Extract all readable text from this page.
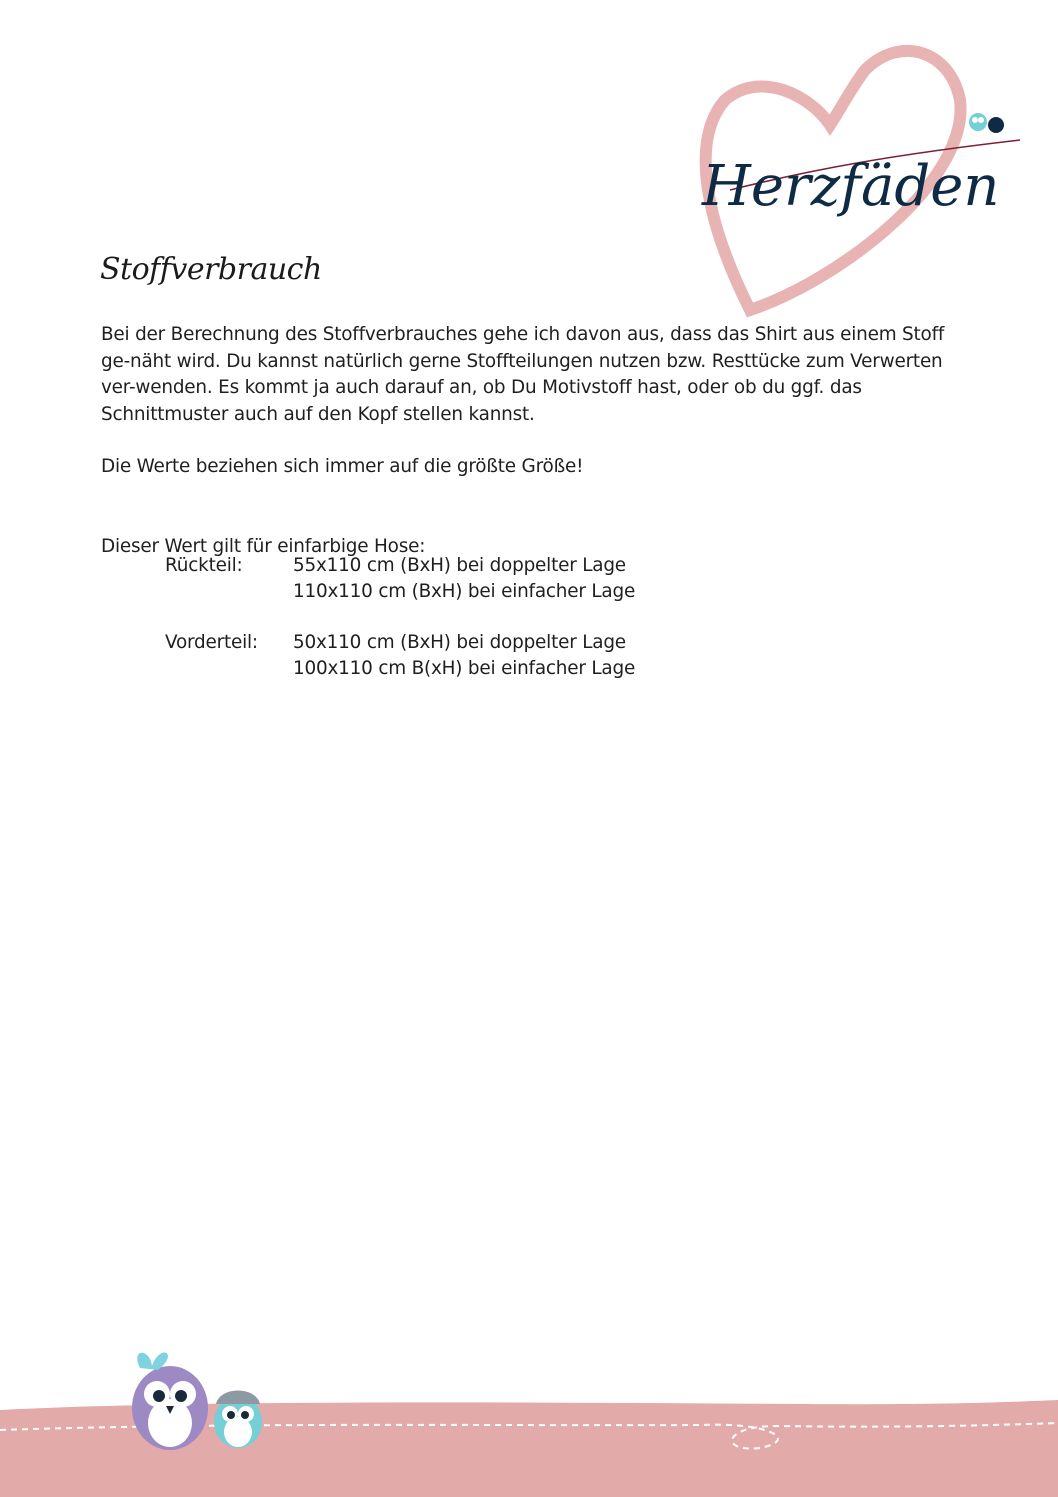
Herzfäden
Stoffverbrauch

Bei der Berechnung des Stoffverbrauches gehe ich davon aus, dass das Shirt aus einem Stoff ge-näht wird. Du kannst natürlich gerne Stoffteilungen nutzen bzw. Resttücke zum Verwerten ver-wenden. Es kommt ja auch darauf an, ob Du Motivstoff hast, oder ob du ggf. das Schnittmuster auch auf den Kopf stellen kannst.

Die Werte beziehen sich immer auf die größte Größe!

Dieser Wert gilt für einfarbige Hose:

Rückteil:	55x110 cm (BxH) bei doppelter Lage
110x110 cm (BxH) bei einfacher Lage
Vorderteil: 50x110 cm (BxH) bei doppelter Lage
100x110 cm B(xH) bei einfacher Lage
